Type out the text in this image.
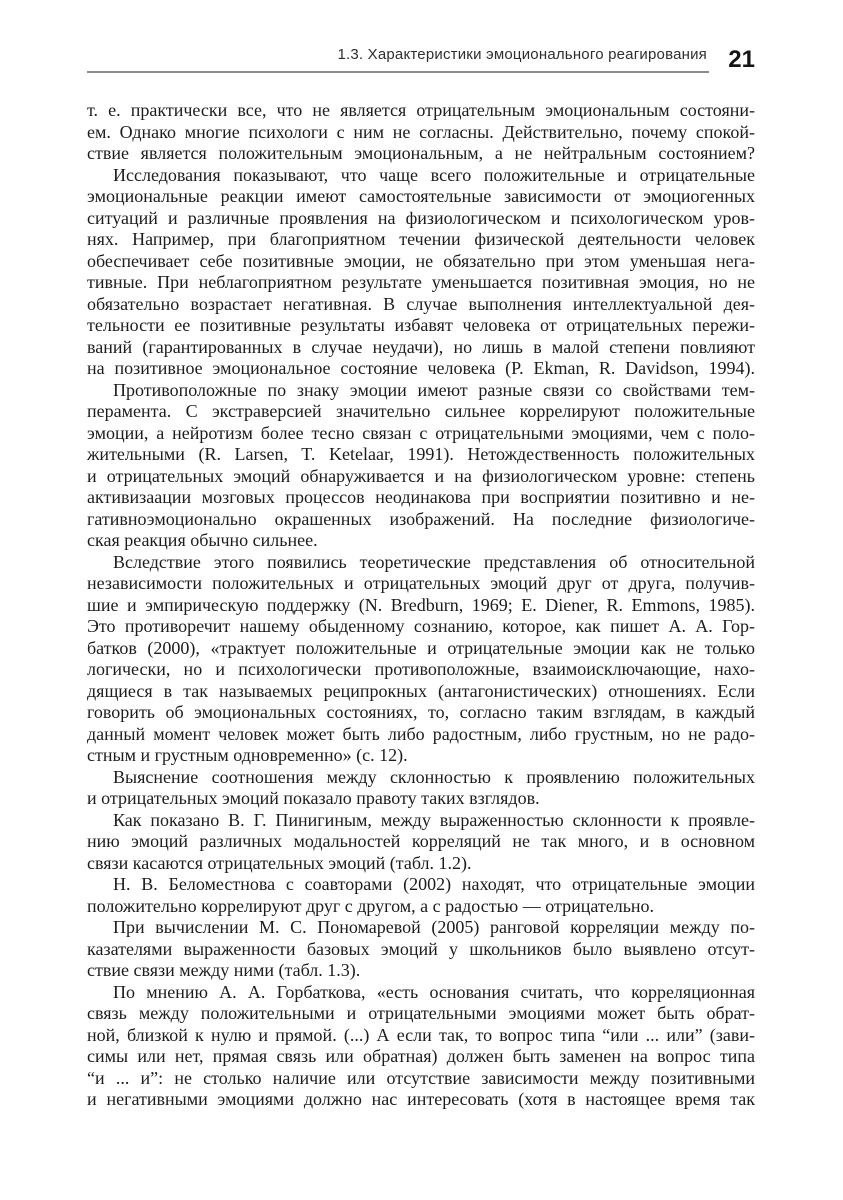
1.3. Характеристики эмоционального реагирования 21
т. е. практически все, что не является отрицательным эмоциональным состояни-
ем. Однако многие психологи с ним не согласны. Действительно, почему спокой-
ствие является положительным эмоциональным, а не нейтральным состоянием?
Исследования показывают, что чаще всего положительные и отрицательные
эмоциональные реакции имеют самостоятельные зависимости от эмоциогенных
ситуаций и различные проявления на физиологическом и психологическом уров-
нях. Например, при благоприятном течении физической деятельности человек
обеспечивает себе позитивные эмоции, не обязательно при этом уменьшая нега-
тивные. При неблагоприятном результате уменьшается позитивная эмоция, но не
обязательно возрастает негативная. В случае выполнения интеллектуальной дея-
тельности ее позитивные результаты избавят человека от отрицательных пережи-
ваний (гарантированных в случае неудачи), но лишь в малой степени повлияют
на позитивное эмоциональное состояние человека (P. Ekman, R. Davidson, 1994).
Противоположные по знаку эмоции имеют разные связи со свойствами тем-
перамента. С экстраверсией значительно сильнее коррелируют положительные
эмоции, а нейротизм более тесно связан с отрицательными эмоциями, чем с поло-
жительными (R. Larsen, T. Ketelaar, 1991). Нетождественность положительных
и отрицательных эмоций обнаруживается и на физиологическом уровне: степень
активизаации мозговых процессов неодинакова при восприятии позитивно и не-
гативноэмоционально окрашенных изображений. На последние физиологиче-
ская реакция обычно сильнее.
Вследствие этого появились теоретические представления об относительной
независимости положительных и отрицательных эмоций друг от друга, получив-
шие и эмпирическую поддержку (N. Bredburn, 1969; E. Diener, R. Emmons, 1985).
Это противоречит нашему обыденному сознанию, которое, как пишет А. А. Гор-
батков (2000), «трактует положительные и отрицательные эмоции как не только
логически, но и психологически противоположные, взаимоисключающие, нахо-
дящиеся в так называемых реципрокных (антагонистических) отношениях. Если
говорить об эмоциональных состояниях, то, согласно таким взглядам, в каждый
данный момент человек может быть либо радостным, либо грустным, но не радо-
стным и грустным одновременно» (с. 12).
Выяснение соотношения между склонностью к проявлению положительных
и отрицательных эмоций показало правоту таких взглядов.
Как показано В. Г. Пинигиным, между выраженностью склонности к проявле-
нию эмоций различных модальностей корреляций не так много, и в основном
связи касаются отрицательных эмоций (табл. 1.2).
Н. В. Беломестнова с соавторами (2002) находят, что отрицательные эмоции
положительно коррелируют друг с другом, а с радостью — отрицательно.
При вычислении М. С. Пономаревой (2005) ранговой корреляции между по-
казателями выраженности базовых эмоций у школьников было выявлено отсут-
ствие связи между ними (табл. 1.3).
По мнению А. А. Горбаткова, «есть основания считать, что корреляционная
связь между положительными и отрицательными эмоциями может быть обрат-
ной, близкой к нулю и прямой. (...) А если так, то вопрос типа “или ... или” (зави-
симы или нет, прямая связь или обратная) должен быть заменен на вопрос типа
“и ... и”: не столько наличие или отсутствие зависимости между позитивными
и негативными эмоциями должно нас интересовать (хотя в настоящее время так
